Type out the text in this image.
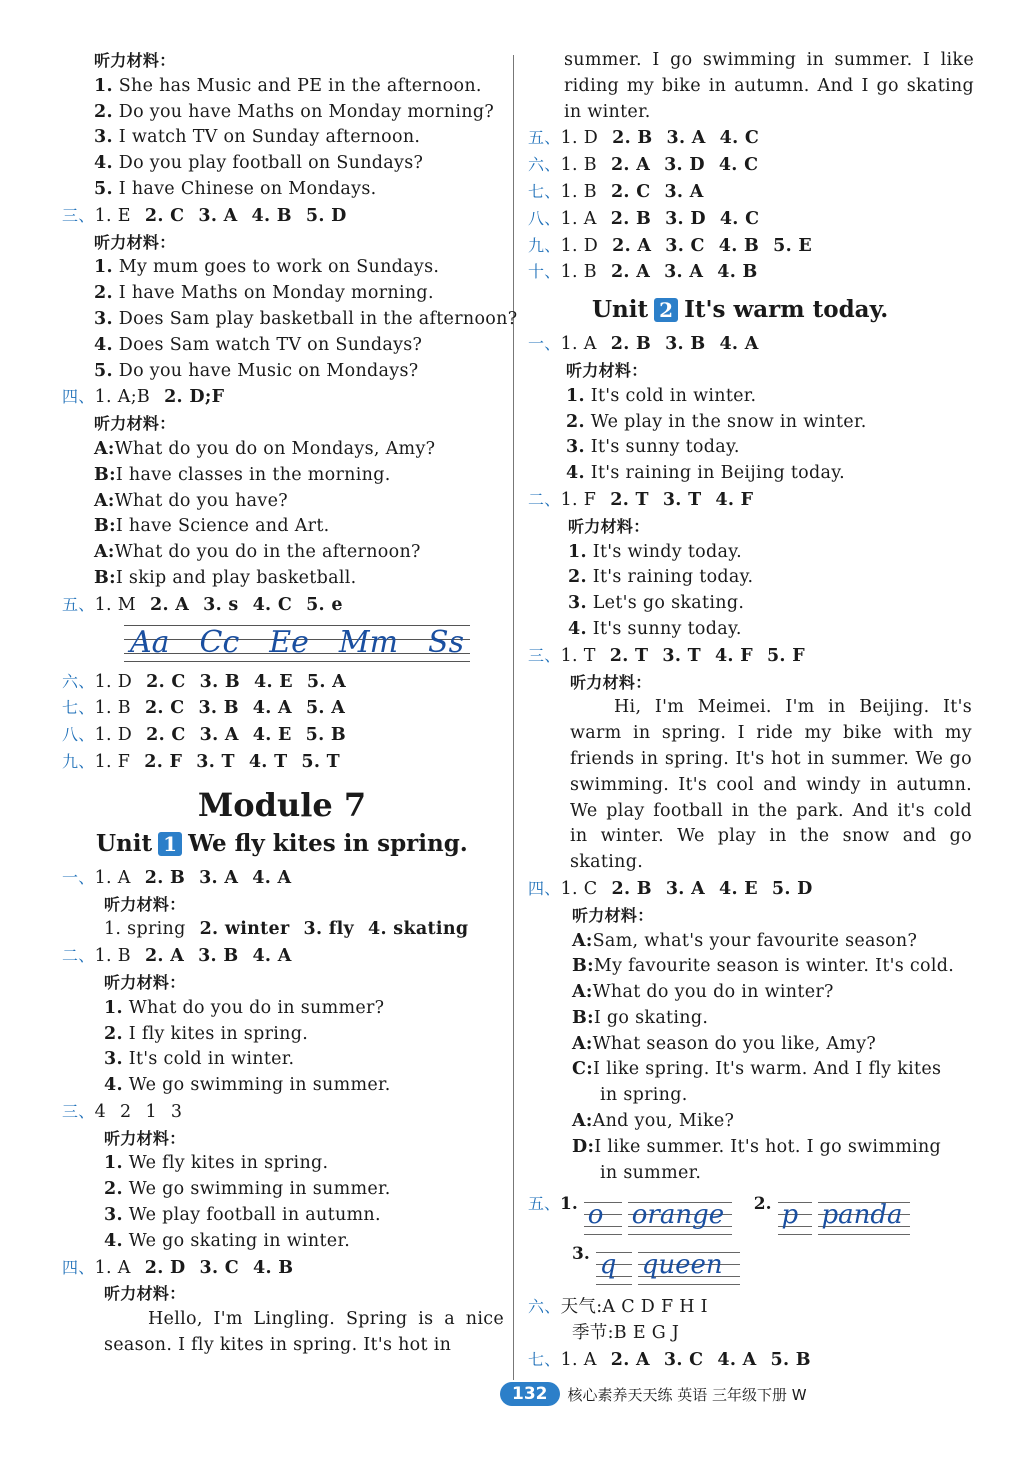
听力材料：
1. She has Music and PE in the afternoon.
2. Do you have Maths on Monday morning?
3. I watch TV on Sunday afternoon.
4. Do you play football on Sundays?
5. I have Chinese on Mondays.
三、1. E 2. C 3. A 4. B 5. D
听力材料：
1. My mum goes to work on Sundays.
2. I have Maths on Monday morning.
3. Does Sam play basketball in the afternoon?
4. Does Sam watch TV on Sundays?
5. Do you have Music on Mondays?
四、1. A;B 2. D;F
听力材料：
A:What do you do on Mondays, Amy?
B:I have classes in the morning.
A:What do you have?
B:I have Science and Art.
A:What do you do in the afternoon?
B:I skip and play basketball.
五、1. M 2. A 3. s 4. C 5. e
Aa Cc Ee Mm Ss
六、1. D 2. C 3. B 4. E 5. A
七、1. B 2. C 3. B 4. A 5. A
八、1. D 2. C 3. A 4. E 5. B
九、1. F 2. F 3. T 4. T 5. T
Module 7
Unit 1 We fly kites in spring.
一、1. A 2. B 3. A 4. A
听力材料：
1. spring 2. winter 3. fly 4. skating
二、1. B 2. A 3. B 4. A
听力材料：
1. What do you do in summer?
2. I fly kites in spring.
3. It's cold in winter.
4. We go swimming in summer.
三、4 2 1 3
听力材料：
1. We fly kites in spring.
2. We go swimming in summer.
3. We play football in autumn.
4. We go skating in winter.
四、1. A 2. D 3. C 4. B
听力材料：
Hello, I'm Lingling. Spring is a nice season. I fly kites in spring. It's hot in
summer. I go swimming in summer. I like riding my bike in autumn. And I go skating in winter.
五、1. D 2. B 3. A 4. C
六、1. B 2. A 3. D 4. C
七、1. B 2. C 3. A
八、1. A 2. B 3. D 4. C
九、1. D 2. A 3. C 4. B 5. E
十、1. B 2. A 3. A 4. B
Unit 2 It's warm today.
一、1. A 2. B 3. B 4. A
听力材料：
1. It's cold in winter.
2. We play in the snow in winter.
3. It's sunny today.
4. It's raining in Beijing today.
二、1. F 2. T 3. T 4. F
听力材料：
1. It's windy today.
2. It's raining today.
3. Let's go skating.
4. It's sunny today.
三、1. T 2. T 3. T 4. F 5. F
听力材料：
Hi, I'm Meimei. I'm in Beijing. It's warm in spring. I ride my bike with my friends in spring. It's hot in summer. We go swimming. It's cool and windy in autumn. We play football in the park. And it's cold in winter. We play in the snow and go skating.
四、1. C 2. B 3. A 4. E 5. D
听力材料：
A:Sam, what's your favourite season?
B:My favourite season is winter. It's cold.
A:What do you do in winter?
B:I go skating.
A:What season do you like, Amy?
C:I like spring. It's warm. And I fly kites
in spring.
A:And you, Mike?
D:I like summer. It's hot. I go swimming
in summer.
五、 1. o orange 2. p panda
3. q queen
六、天气:A C D F H I
季节:B E G J
七、1. A 2. A 3. C 4. A 5. B
132	核心素养天天练 英语 三年级下册 W
